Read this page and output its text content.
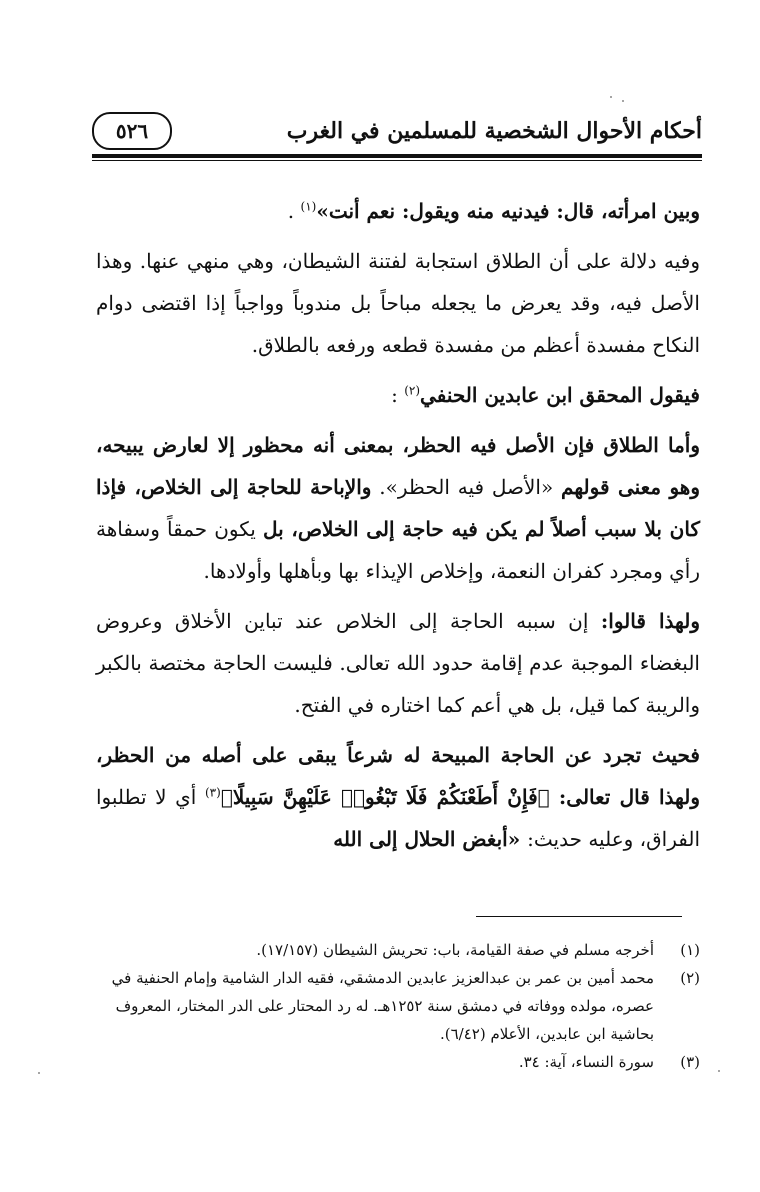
٥٢٦	أحكام الأحوال الشخصية للمسلمين في الغرب

وبين امرأته، قال: فيدنيه منه ويقول: نعم أنت»$^{(١)}$ .

وفيه دلالة على أن الطلاق استجابة لفتنة الشيطان، وهي منهي عنها. وهذا الأصل فيه، وقد يعرض ما يجعله مباحاً بل مندوباً وواجباً إذا اقتضى دوام النكاح مفسدة أعظم من مفسدة قطعه ورفعه بالطلاق.

فيقول المحقق ابن عابدين الحنفي$^{(٢)}$ :

وأما الطلاق فإن الأصل فيه الحظر، بمعنى أنه محظور إلا لعارض يبيحه، وهو معنى قولهم «الأصل فيه الحظر». والإباحة للحاجة إلى الخلاص، فإذا كان بلا سبب أصلاً لم يكن فيه حاجة إلى الخلاص، بل يكون حمقاً وسفاهة رأي ومجرد كفران النعمة، وإخلاص الإيذاء بها وبأهلها وأولادها.

ولهذا قالوا: إن سببه الحاجة إلى الخلاص عند تباين الأخلاق وعروض البغضاء الموجبة عدم إقامة حدود الله تعالى. فليست الحاجة مختصة بالكبر والريبة كما قيل، بل هي أعم كما اختاره في الفتح.

فحيث تجرد عن الحاجة المبيحة له شرعاً يبقى على أصله من الحظر، ولهذا قال تعالى: ﴿فَإِنْ أَطَعْنَكُمْ فَلَا تَبْغُوا۟ عَلَيْهِنَّ سَبِيلًا﴾$^{(٣)}$ أي لا تطلبوا الفراق، وعليه حديث: «أبغض الحلال إلى الله

(١)
أخرجه مسلم في صفة القيامة، باب: تحريش الشيطان (١٧/١٥٧).

(٢)
محمد أمين بن عمر بن عبدالعزيز عابدين الدمشقي، فقيه الدار الشامية وإمام الحنفية في عصره، مولده ووفاته في دمشق سنة ١٢٥٢هـ. له رد المحتار على الدر المختار، المعروف بحاشية ابن عابدين، الأعلام (٦/٤٢).

(٣)
سورة النساء، آية: ٣٤.
